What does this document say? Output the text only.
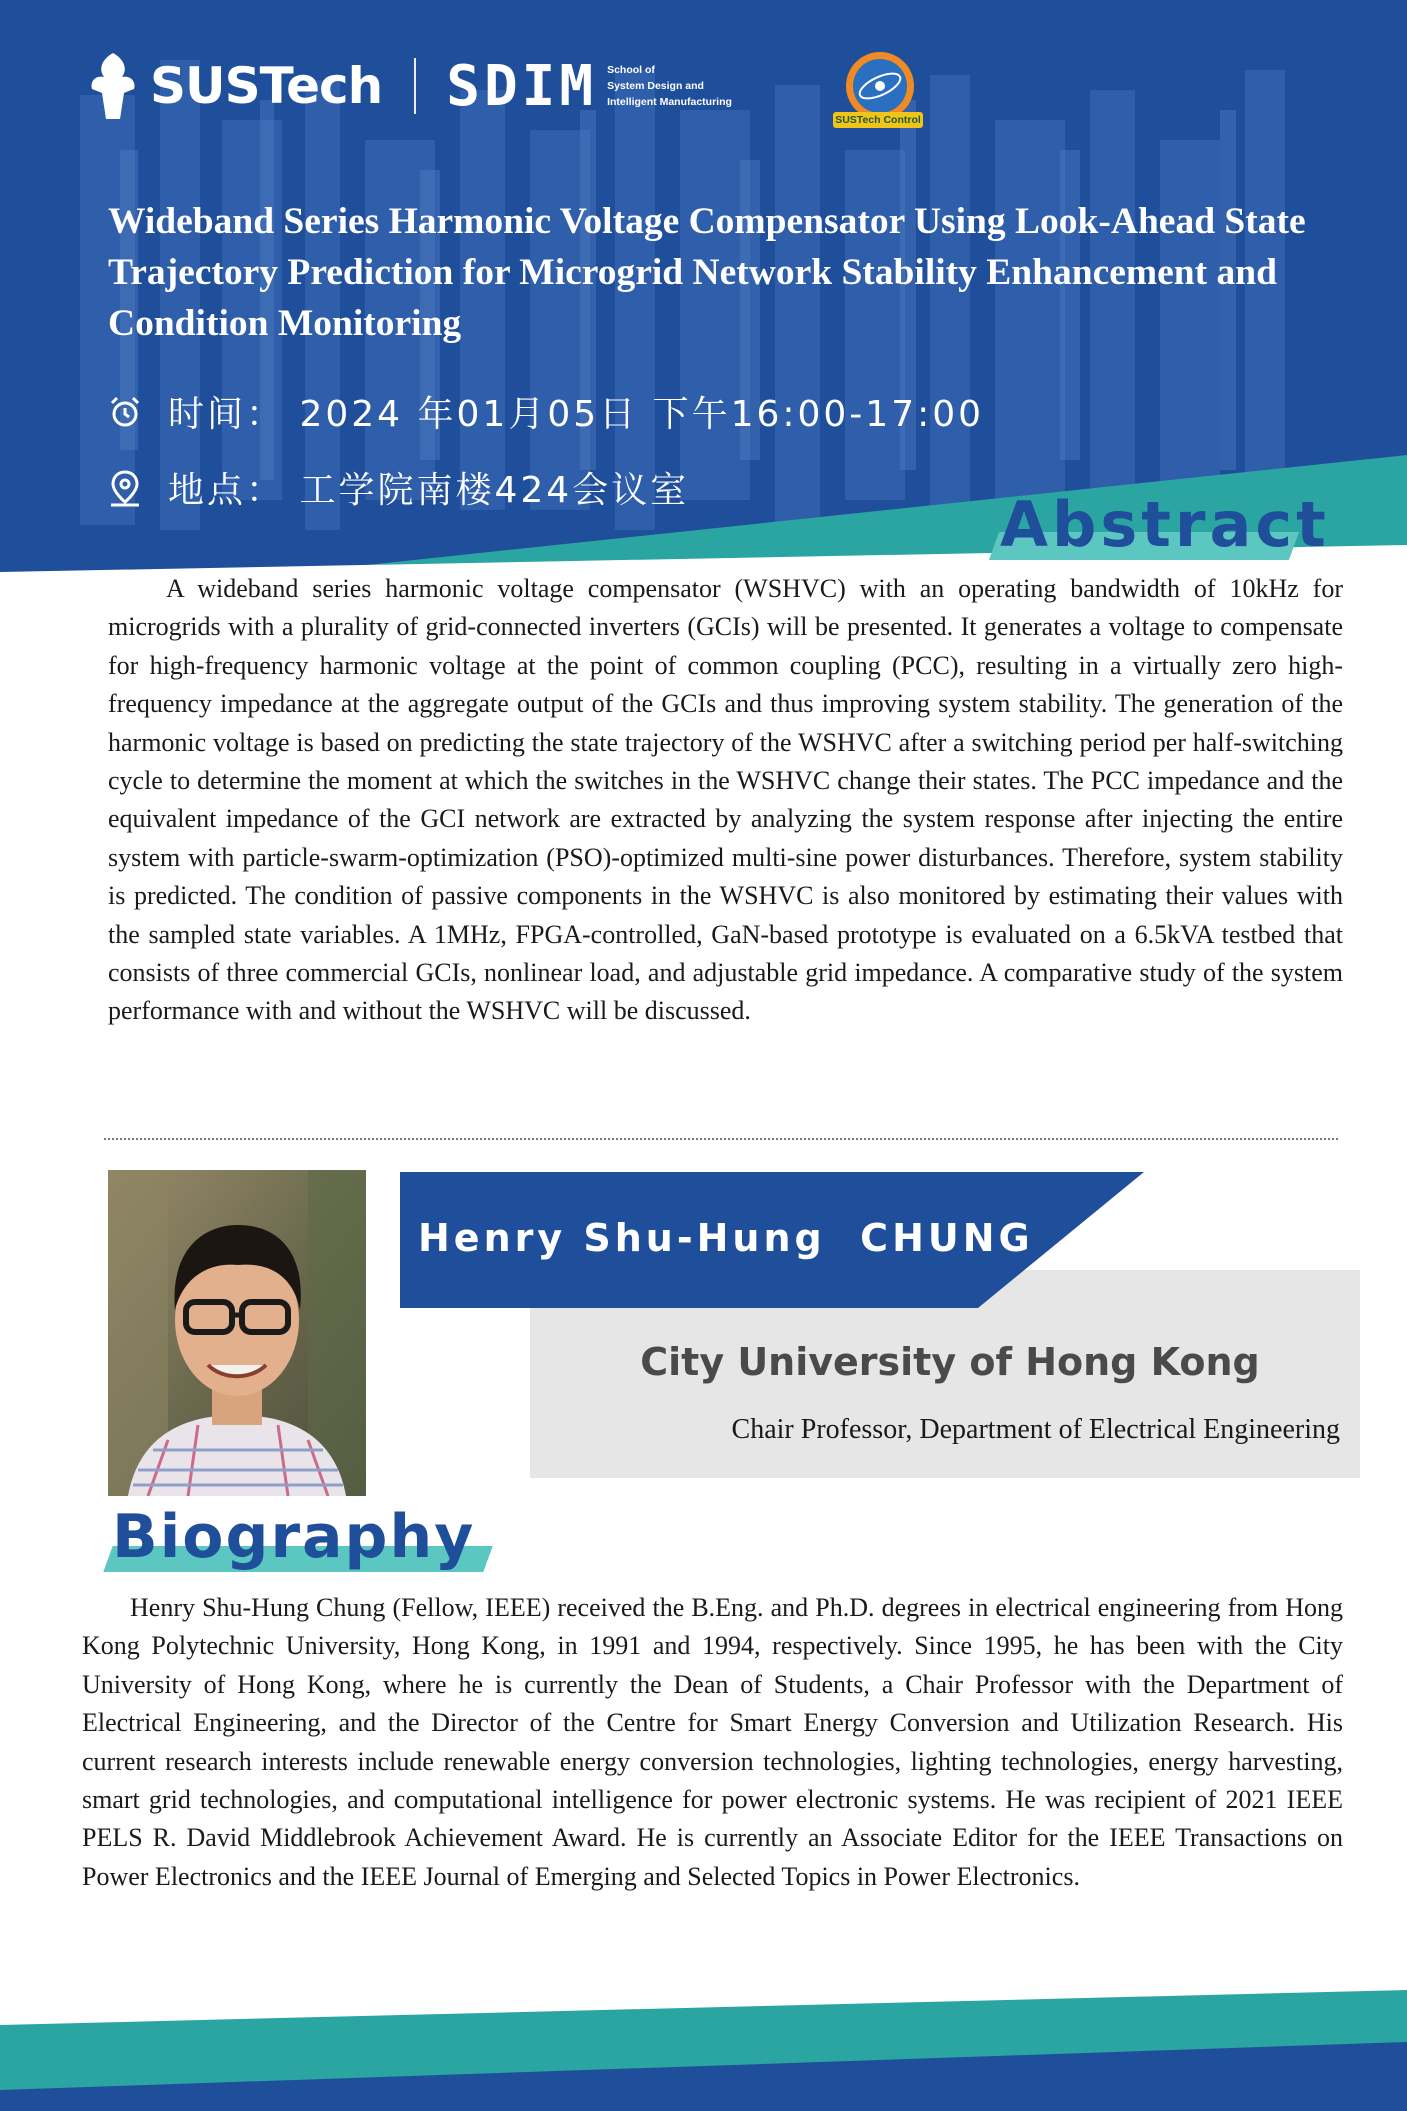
SUSTech SDIM School of
System Design and
Intelligent Manufacturing
SUSTech Control
Wideband Series Harmonic Voltage Compensator Using Look-Ahead State Trajectory Prediction for Microgrid Network Stability Enhancement and Condition Monitoring
时间： 2024 年01月05日 下午16:00-17:00
地点： 工学院南楼424会议室	Abstract

A wideband series harmonic voltage compensator (WSHVC) with an operating bandwidth of 10kHz for microgrids with a plurality of grid-connected inverters (GCIs) will be presented. It generates a voltage to compensate for high-frequency harmonic voltage at the point of common coupling (PCC), resulting in a virtually zero high-frequency impedance at the aggregate output of the GCIs and thus improving system stability. The generation of the harmonic voltage is based on predicting the state trajectory of the WSHVC after a switching period per half-switching cycle to determine the moment at which the switches in the WSHVC change their states. The PCC impedance and the equivalent impedance of the GCI network are extracted by analyzing the system response after injecting the entire system with particle-swarm-optimization (PSO)-optimized multi-sine power disturbances. Therefore, system stability is predicted. The condition of passive components in the WSHVC is also monitored by estimating their values with the sampled state variables. A 1MHz, FPGA-controlled, GaN-based prototype is evaluated on a 6.5kVA testbed that consists of three commercial GCIs, nonlinear load, and adjustable grid impedance. A comparative study of the system performance with and without the WSHVC will be discussed.

Henry Shu-Hung  CHUNG
City University of Hong Kong
Chair Professor, Department of Electrical Engineering
Biography

Henry Shu-Hung Chung (Fellow, IEEE) received the B.Eng. and Ph.D. degrees in electrical engineering from Hong Kong Polytechnic University, Hong Kong, in 1991 and 1994, respectively. Since 1995, he has been with the City University of Hong Kong, where he is currently the Dean of Students, a Chair Professor with the Department of Electrical Engineering, and the Director of the Centre for Smart Energy Conversion and Utilization Research. His current research interests include renewable energy conversion technologies, lighting technologies, energy harvesting, smart grid technologies, and computational intelligence for power electronic systems. He was recipient of 2021 IEEE PELS R. David Middlebrook Achievement Award. He is currently an Associate Editor for the IEEE Transactions on Power Electronics and the IEEE Journal of Emerging and Selected Topics in Power Electronics.
